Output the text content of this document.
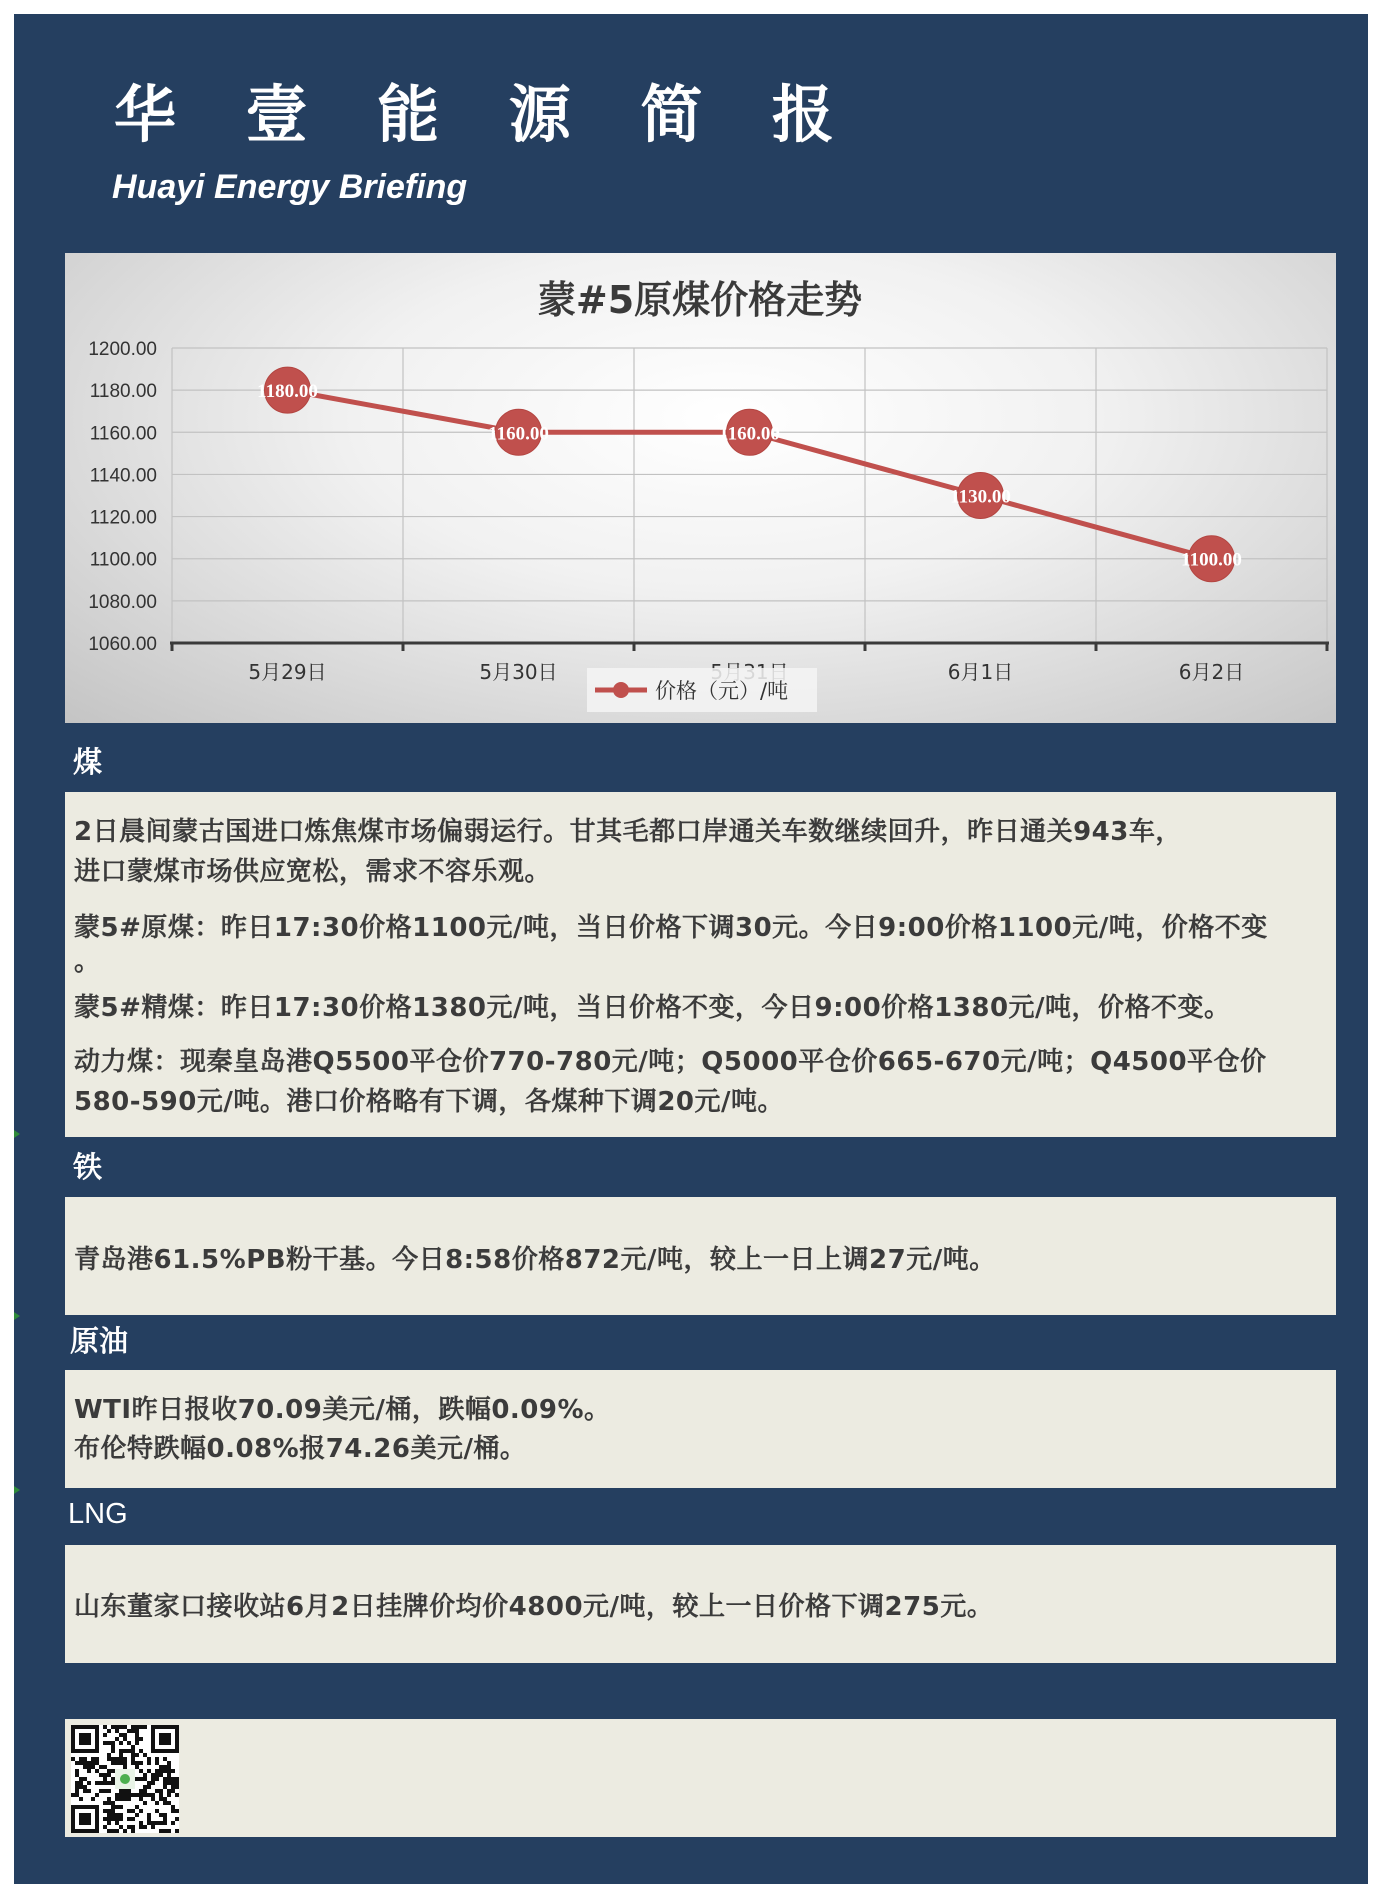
华 壹 能 源 简 报
Huayi Energy Briefing
蒙#5原煤价格走势
1060.00
1080.00
1100.00
1120.00
1140.00
1160.00
1180.00
1200.00
5月29日	5月30日	6月1日	6月2日
1180.00
1160.00	1160.00
1130.00
1100.00
价格（元）/吨
煤
2日晨间蒙古国进口炼焦煤市场偏弱运行。甘其毛都口岸通关车数继续回升，昨日通关943车，
进口蒙煤市场供应宽松，需求不容乐观。
蒙5#原煤：昨日17:30价格1100元/吨，当日价格下调30元。今日9:00价格1100元/吨，价格不变
。
蒙5#精煤：昨日17:30价格1380元/吨，当日价格不变，今日9:00价格1380元/吨，价格不变。
动力煤：现秦皇岛港Q5500平仓价770-780元/吨；Q5000平仓价665-670元/吨；Q4500平仓价
580-590元/吨。港口价格略有下调，各煤种下调20元/吨。
铁
青岛港61.5%PB粉干基。今日8:58价格872元/吨，较上一日上调27元/吨。
原油
WTI昨日报收70.09美元/桶，跌幅0.09%。
布伦特跌幅0.08%报74.26美元/桶。
LNG
山东董家口接收站6月2日挂牌价均价4800元/吨，较上一日价格下调275元。
